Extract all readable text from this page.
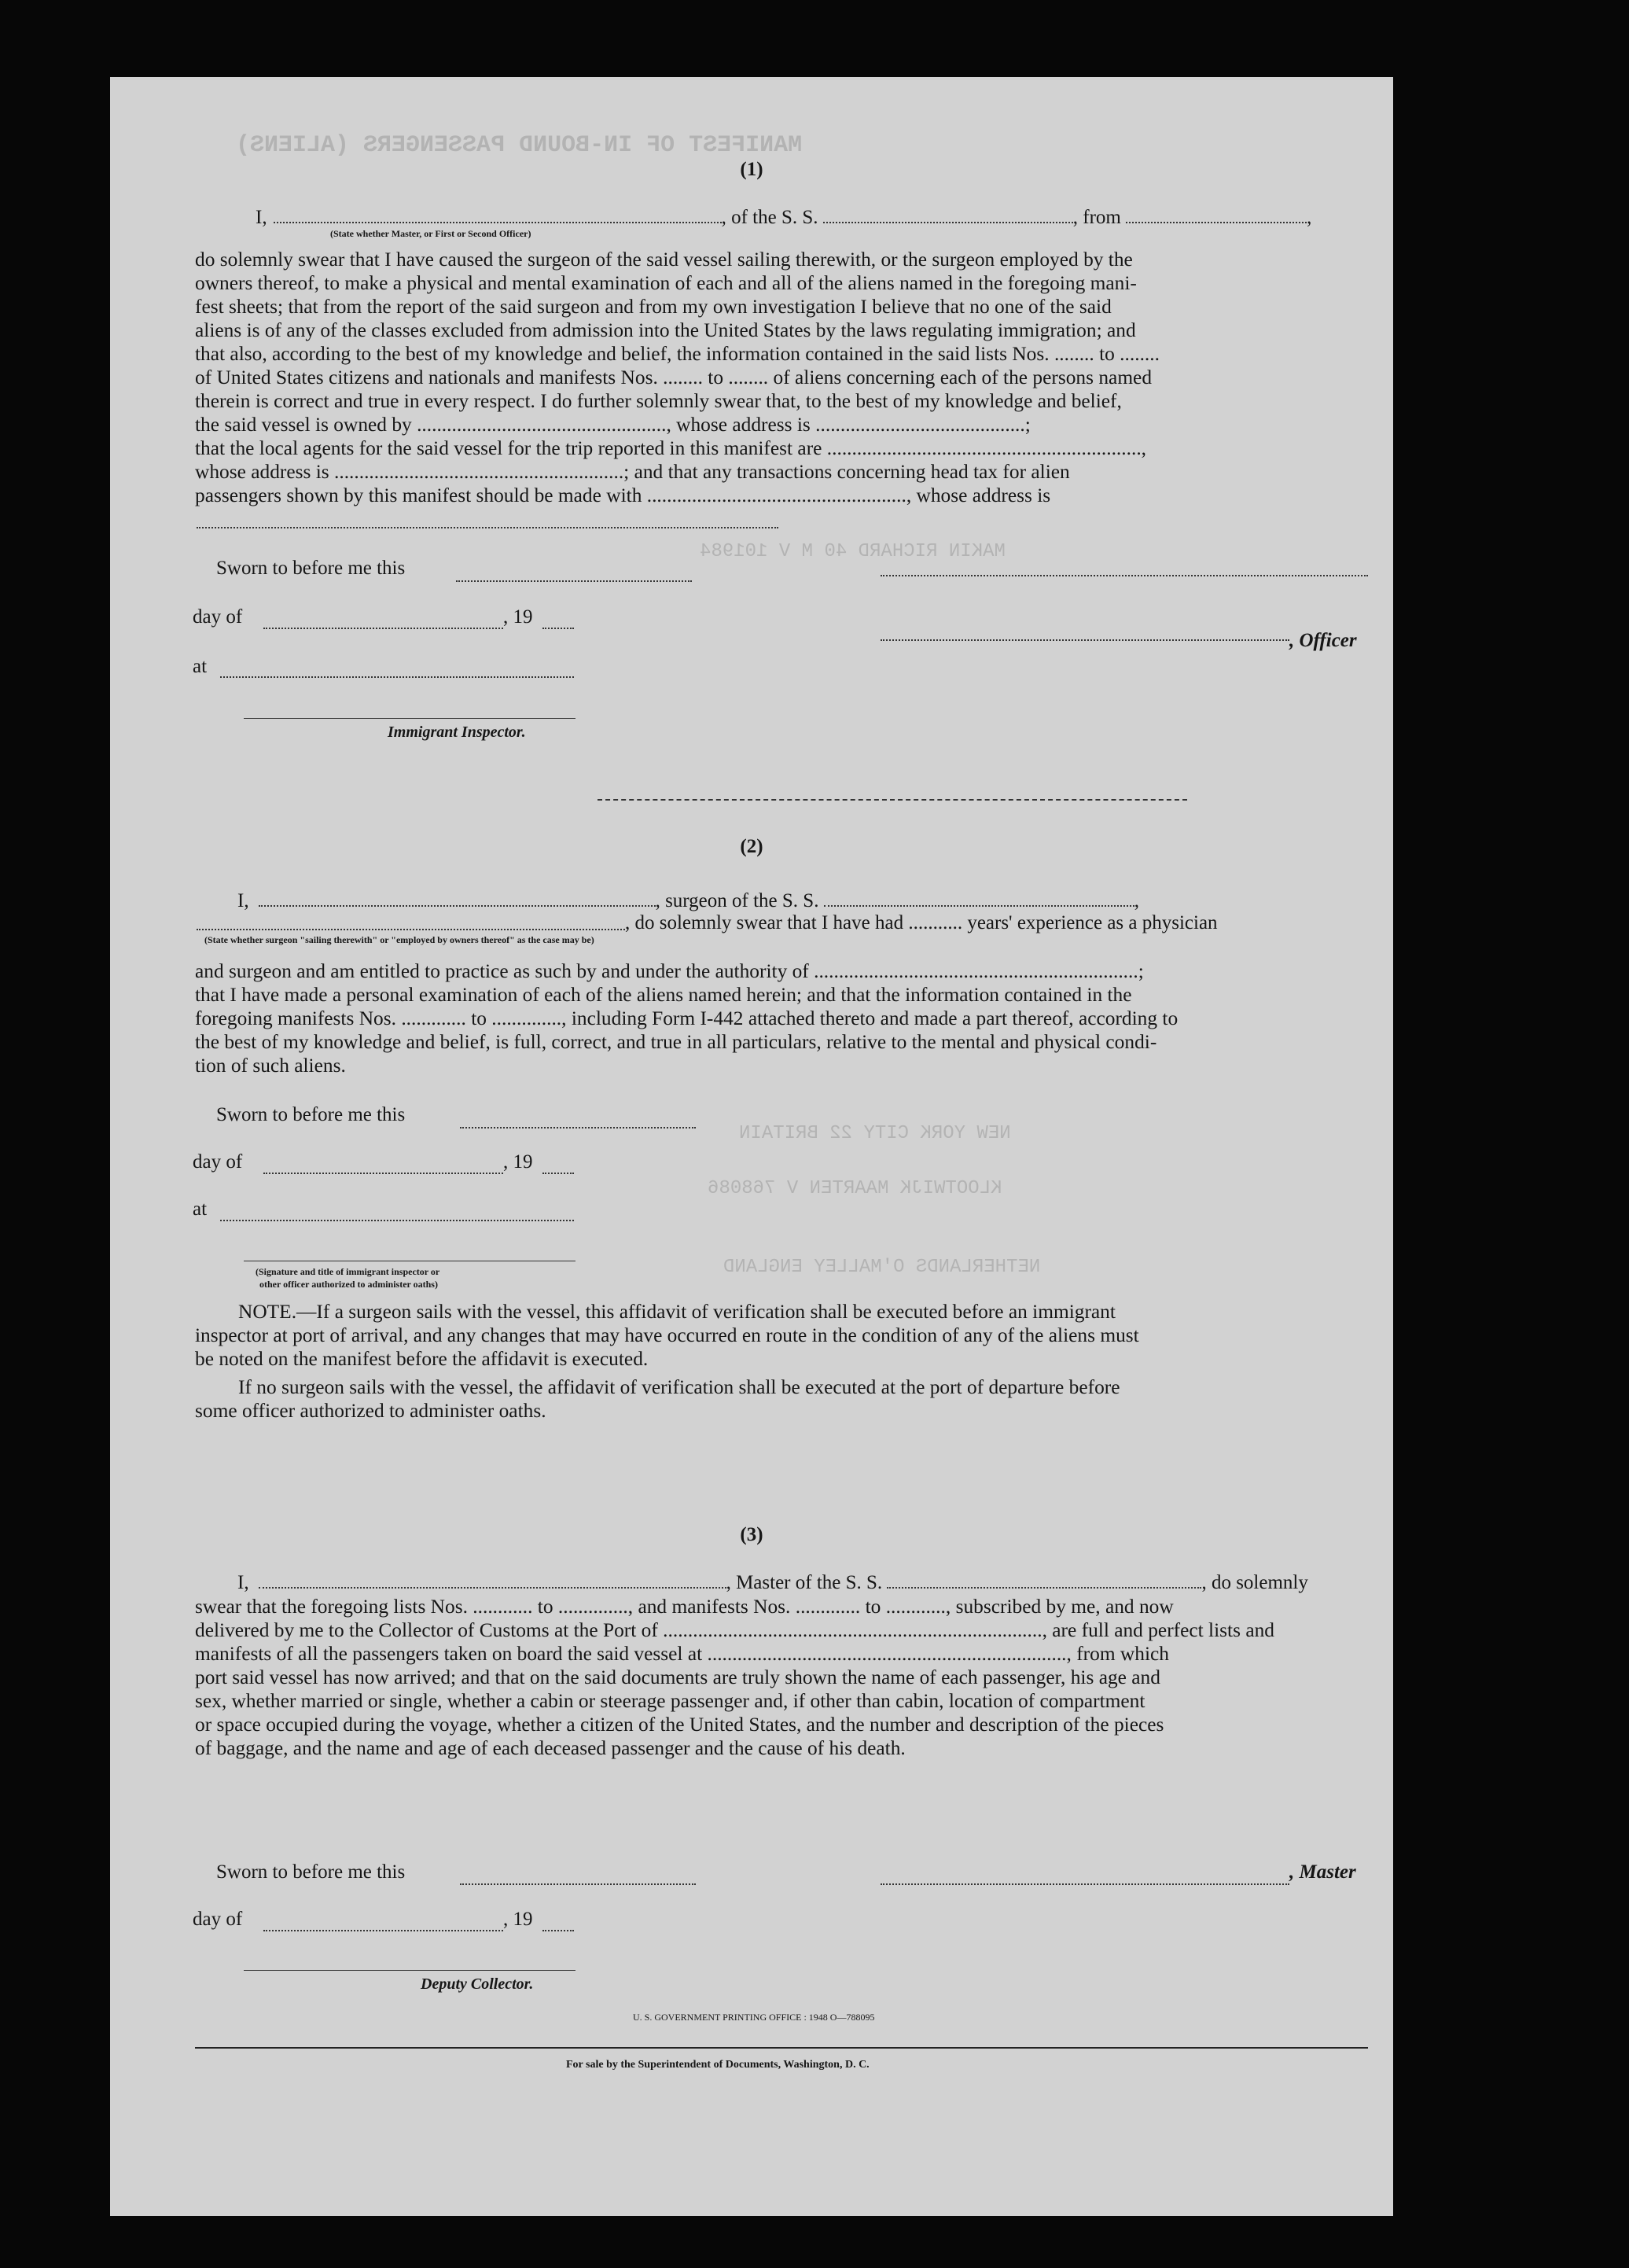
MANIFEST OF IN-BOUND PASSENGERS (ALIENS)
MAKIN RICHARD 40 M V 101984
NEW YORK CITY 22 BRITAIN
KLOOTWIJK MAARTEN V 768086
NETHERLANDS O'MALLEY ENGLAND
(1)
I,	, of the S. S.	, from	,
(State whether Master, or First or Second Officer)

do solemnly swear that I have caused the surgeon of the said vessel sailing therewith, or the surgeon employed by the

owners thereof, to make a physical and mental examination of each and all of the aliens named in the foregoing mani-

fest sheets; that from the report of the said surgeon and from my own investigation I believe that no one of the said

aliens is of any of the classes excluded from admission into the United States by the laws regulating immigration; and

that also, according to the best of my knowledge and belief, the information contained in the said lists Nos. ........ to ........

of United States citizens and nationals and manifests Nos. ........ to ........ of aliens concerning each of the persons named

therein is correct and true in every respect. I do further solemnly swear that, to the best of my knowledge and belief,

the said vessel is owned by .................................................., whose address is ..........................................;

that the local agents for the said vessel for the trip reported in this manifest are ...............................................................,

whose address is ..........................................................; and that any transactions concerning head tax for alien

passengers shown by this manifest should be made with ...................................................., whose address is

Sworn to before me this
day of	, 19
, Officer
at
Immigrant Inspector.
(2)
I,	, surgeon of the S. S.	,
, do solemnly swear that I have had ........... years' experience as a physician
(State whether surgeon "sailing therewith" or "employed by owners thereof" as the case may be)

and surgeon and am entitled to practice as such by and under the authority of .................................................................;

that I have made a personal examination of each of the aliens named herein; and that the information contained in the

foregoing manifests Nos. ............. to .............., including Form I-442 attached thereto and made a part thereof, according to

the best of my knowledge and belief, is full, correct, and true in all particulars, relative to the mental and physical condi-

tion of such aliens.

Sworn to before me this
day of	, 19
at
(Signature and title of immigrant inspector or
other officer authorized to administer oaths)

NOTE.—If a surgeon sails with the vessel, this affidavit of verification shall be executed before an immigrant

inspector at port of arrival, and any changes that may have occurred en route in the condition of any of the aliens must

be noted on the manifest before the affidavit is executed.

If no surgeon sails with the vessel, the affidavit of verification shall be executed at the port of departure before

some officer authorized to administer oaths.

(3)
I,	, Master of the S. S.	, do solemnly

swear that the foregoing lists Nos. ............ to .............., and manifests Nos. ............. to ............, subscribed by me, and now

delivered by me to the Collector of Customs at the Port of ............................................................................, are full and perfect lists and

manifests of all the passengers taken on board the said vessel at ........................................................................, from which

port said vessel has now arrived; and that on the said documents are truly shown the name of each passenger, his age and

sex, whether married or single, whether a cabin or steerage passenger and, if other than cabin, location of compartment

or space occupied during the voyage, whether a citizen of the United States, and the number and description of the pieces

of baggage, and the name and age of each deceased passenger and the cause of his death.

Sworn to before me this	, Master
day of	, 19
Deputy Collector.
U. S. GOVERNMENT PRINTING OFFICE : 1948 O—788095
For sale by the Superintendent of Documents, Washington, D. C.
